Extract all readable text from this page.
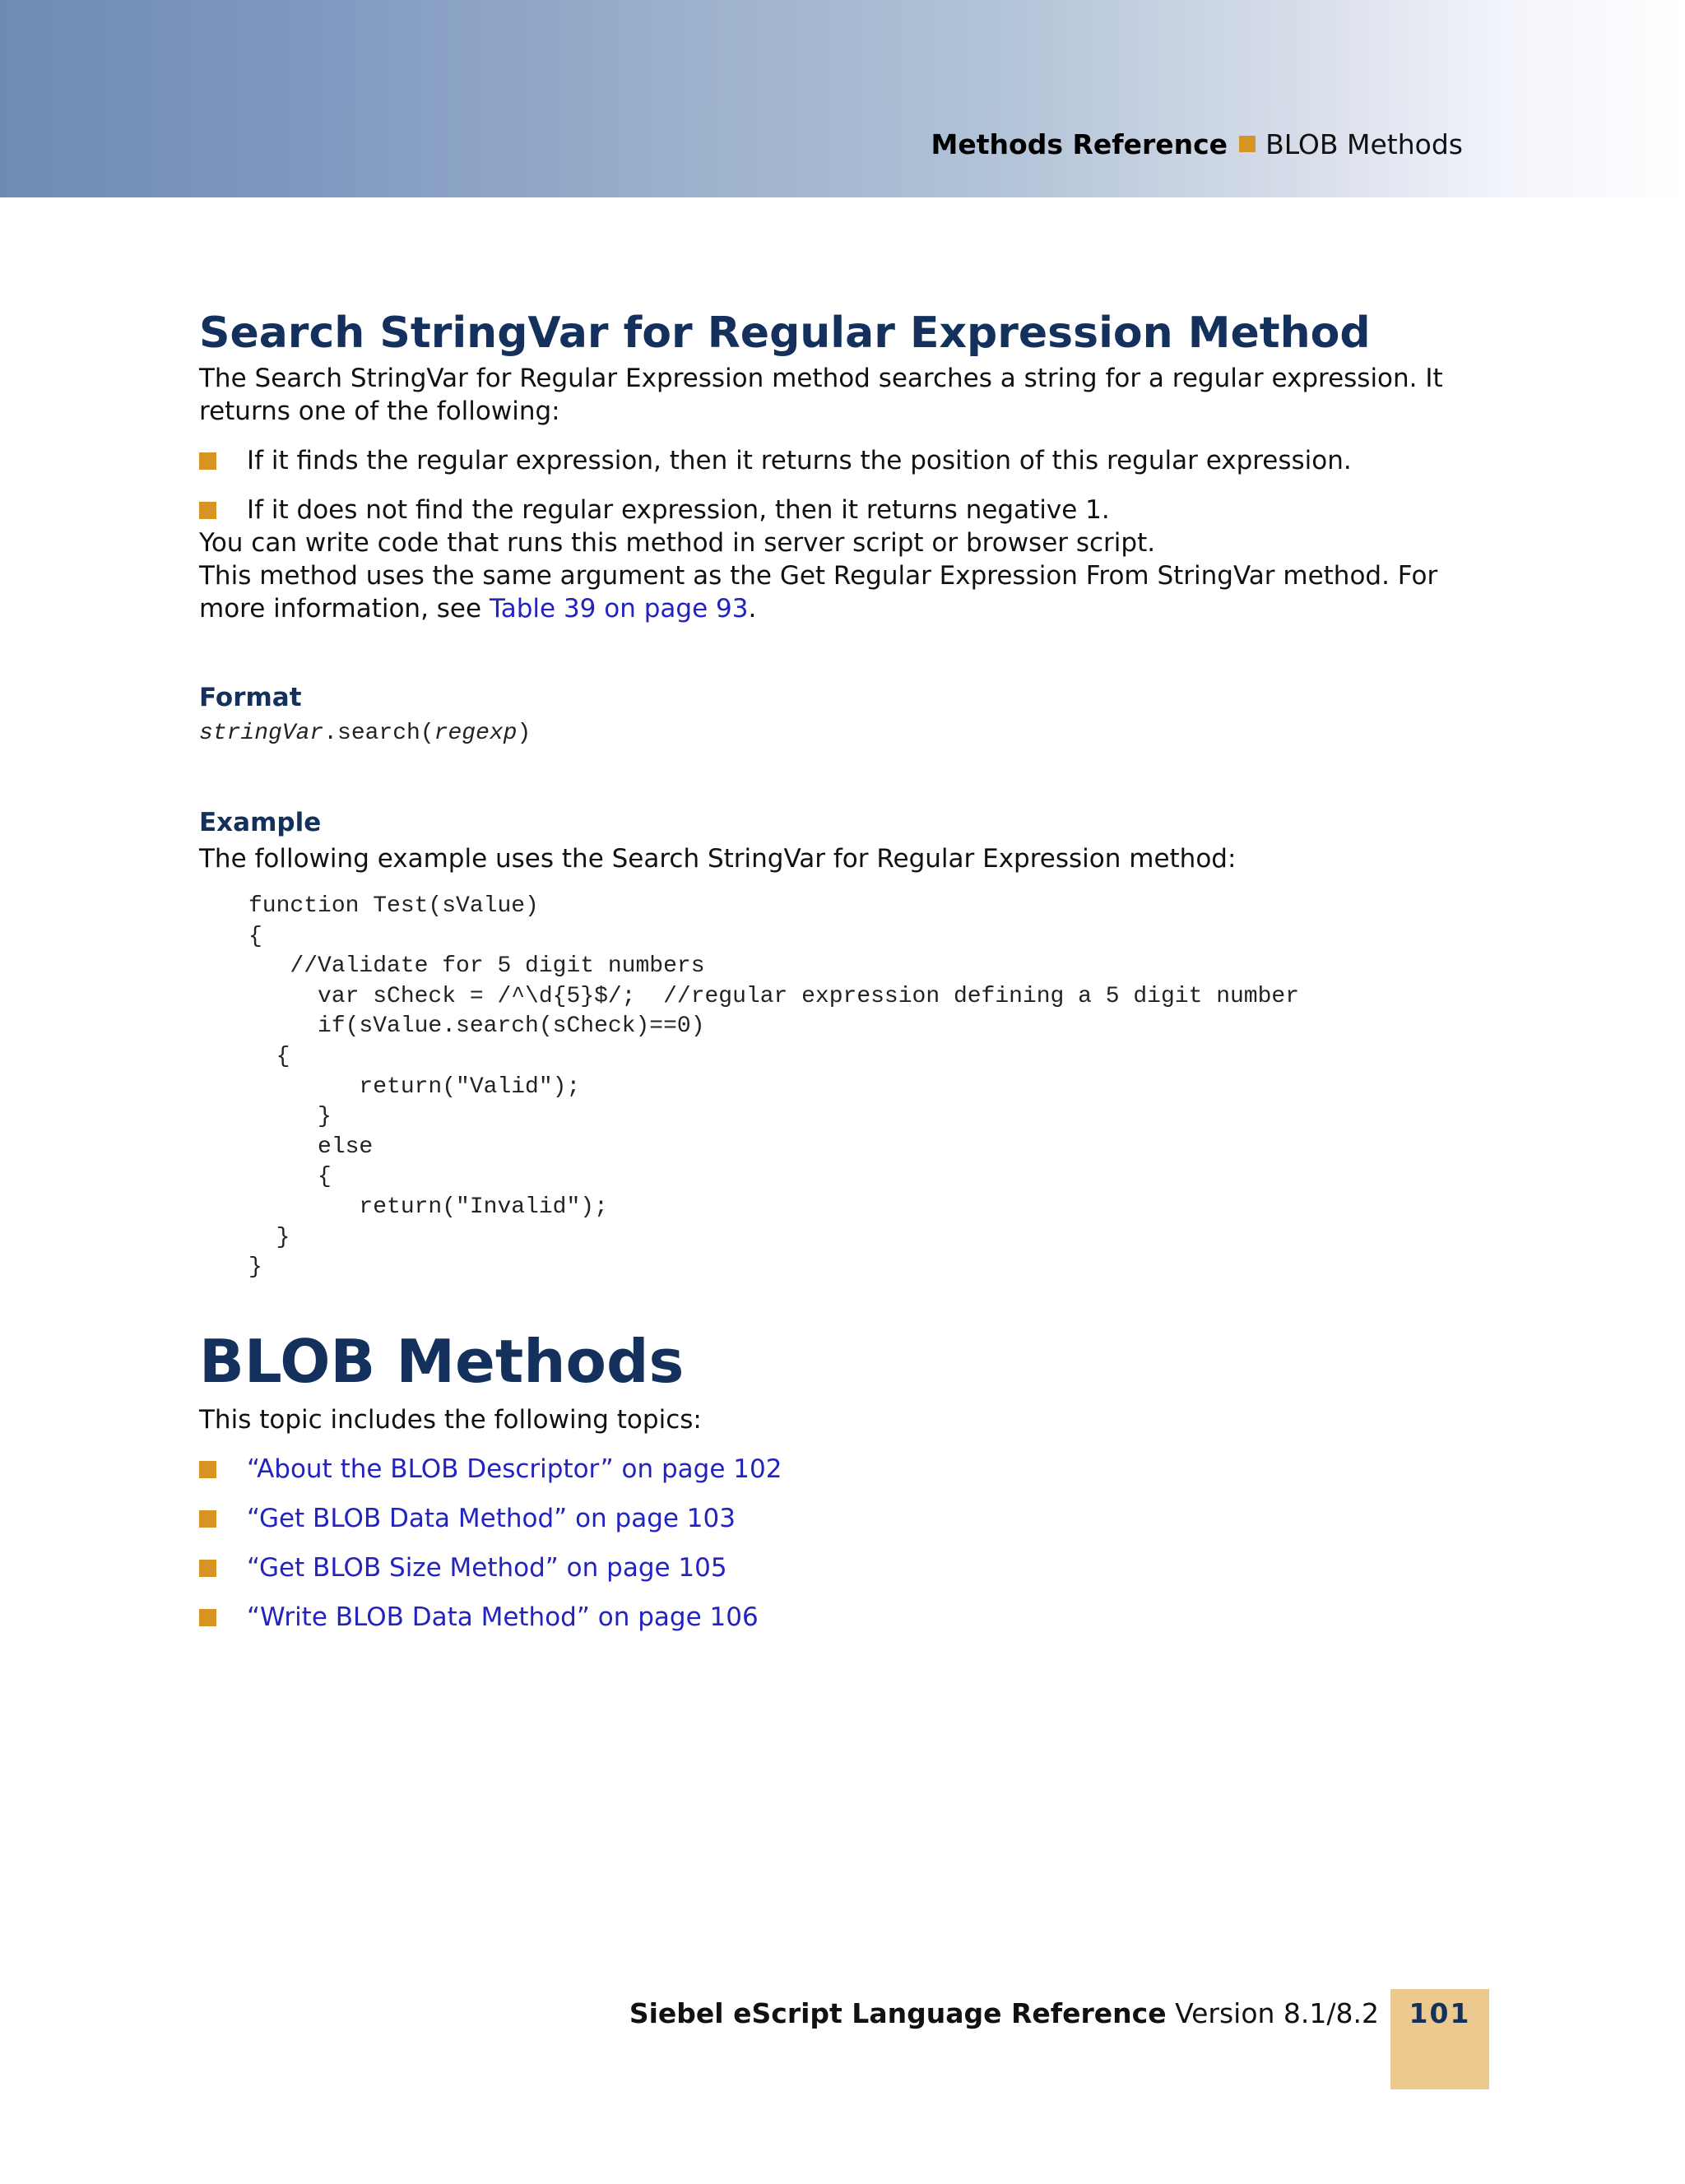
Methods Reference BLOB Methods
Search StringVar for Regular Expression Method

The Search StringVar for Regular Expression method searches a string for a regular expression. It returns one of the following:

If it finds the regular expression, then it returns the position of this regular expression.
If it does not find the regular expression, then it returns negative 1.

You can write code that runs this method in server script or browser script.

This method uses the same argument as the Get Regular Expression From StringVar method. For more information, see Table 39 on page 93.

Format
stringVar.search(regexp)
Example

The following example uses the Search StringVar for Regular Expression method:

function Test(sValue)
{
//Validate for 5 digit numbers
var sCheck = /^\d{5}$/;  //regular expression defining a 5 digit number
if(sValue.search(sCheck)==0)
{
return("Valid");
}
else
{
return("Invalid");
}
}
BLOB Methods

This topic includes the following topics:

“About the BLOB Descriptor” on page 102
“Get BLOB Data Method” on page 103
“Get BLOB Size Method” on page 105
“Write BLOB Data Method” on page 106
Siebel eScript Language Reference Version 8.1/8.2	101
